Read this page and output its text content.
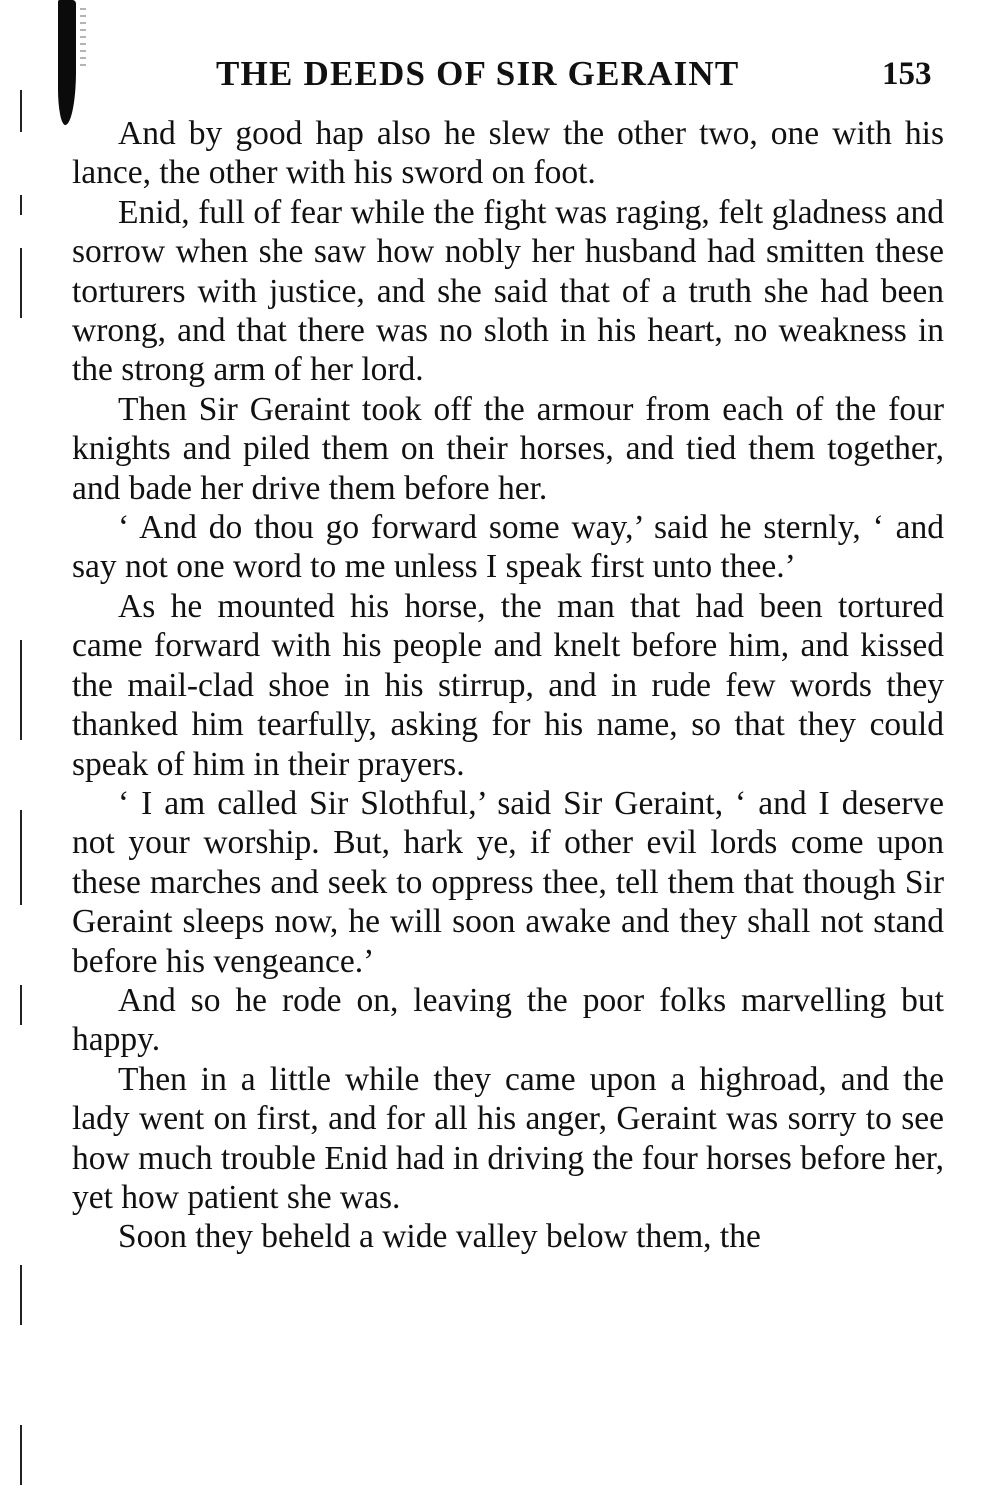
THE DEEDS OF SIR GERAINT	153

And by good hap also he slew the other two, one with his lance, the other with his sword on foot.

Enid, full of fear while the fight was raging, felt gladness and sorrow when she saw how nobly her husband had smitten these torturers with justice, and she said that of a truth she had been wrong, and that there was no sloth in his heart, no weakness in the strong arm of her lord.

Then Sir Geraint took off the armour from each of the four knights and piled them on their horses, and tied them together, and bade her drive them before her.

‘ And do thou go forward some way,’ said he sternly, ‘ and say not one word to me unless I speak first unto thee.’

As he mounted his horse, the man that had been tortured came forward with his people and knelt before him, and kissed the mail-clad shoe in his stirrup, and in rude few words they thanked him tearfully, asking for his name, so that they could speak of him in their prayers.

‘ I am called Sir Slothful,’ said Sir Geraint, ‘ and I deserve not your worship. But, hark ye, if other evil lords come upon these marches and seek to oppress thee, tell them that though Sir Geraint sleeps now, he will soon awake and they shall not stand before his vengeance.’

And so he rode on, leaving the poor folks marvelling but happy.

Then in a little while they came upon a highroad, and the lady went on first, and for all his anger, Geraint was sorry to see how much trouble Enid had in driving the four horses before her, yet how patient she was.

Soon they beheld a wide valley below them, the
